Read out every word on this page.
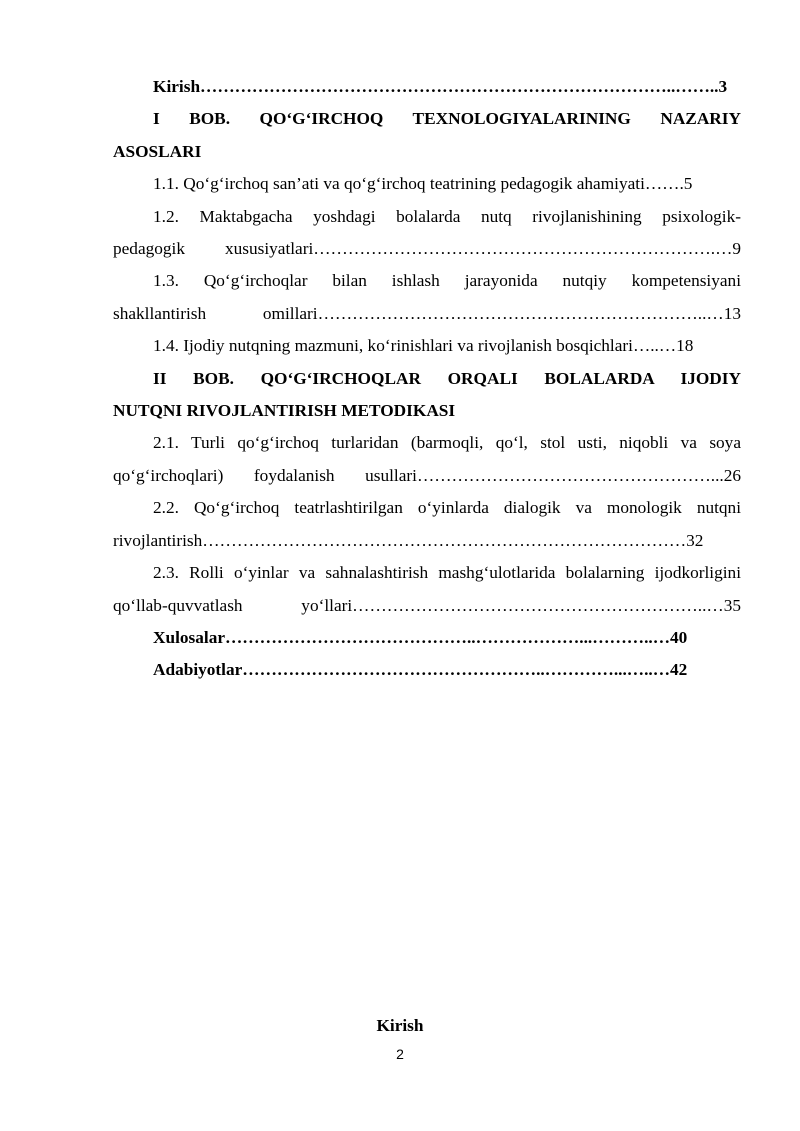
Kirish………………………………………………………………………..……..3

I BOB. QO‘G‘IRCHOQ TEXNOLOGIYALARINING NAZARIY
ASOSLARI

1.1. Qo‘g‘irchoq san’ati va qo‘g‘irchoq teatrining pedagogik ahamiyati…….5

1.2. Maktabgacha yoshdagi bolalarda nutq rivojlanishining psixologik-
pedagogik xususiyatlari…………………………………………………………….…9

1.3. Qo‘g‘irchoqlar bilan ishlash jarayonida nutqiy kompetensiyani
shakllantirish omillari…………………………………………………………..…13

1.4. Ijodiy nutqning mazmuni, ko‘rinishlari va rivojlanish bosqichlari…..…18

II BOB. QO‘G‘IRCHOQLAR ORQALI BOLALARDA IJODIY
NUTQNI RIVOJLANTIRISH METODIKASI

2.1. Turli qo‘g‘irchoq turlaridan (barmoqli, qo‘l, stol usti, niqobli va soya
qo‘g‘irchoqlari) foydalanish usullari……………………………………………...26

2.2. Qo‘g‘irchoq teatrlashtirilgan o‘yinlarda dialogik va monologik nutqni
rivojlantirish…………………………………………………………………………32

2.3. Rolli o‘yinlar va sahnalashtirish mashg‘ulotlarida bolalarning ijodkorligini
qo‘llab-quvvatlash yo‘llari……………………………………………………..…35

Xulosalar……………………………………..………………...………..…40

Adabiyotlar……………………………………………..…………...…..…42

Kirish
2
